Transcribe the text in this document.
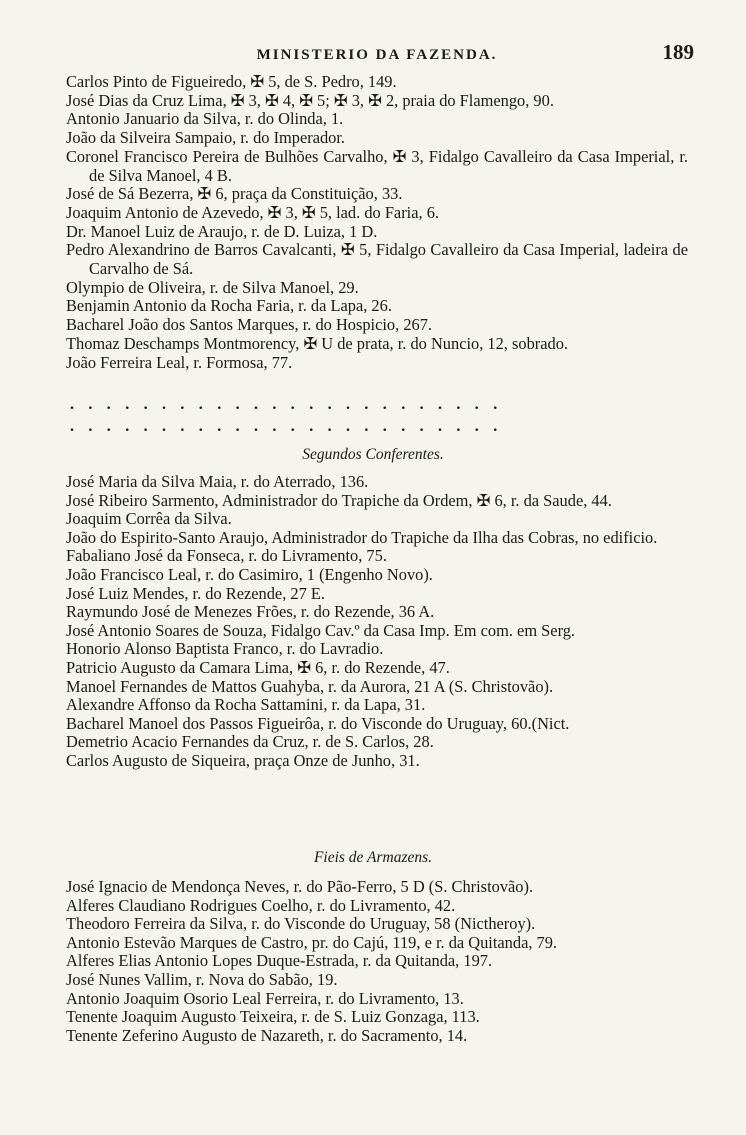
MINISTERIO DA FAZENDA.	189
Carlos Pinto de Figueiredo, ✠ 5, de S. Pedro, 149.
José Dias da Cruz Lima, ✠ 3, ✠ 4, ✠ 5; ✠ 3, ✠ 2, praia do Flamengo, 90.
Antonio Januario da Silva, r. do Olinda, 1.
João da Silveira Sampaio, r. do Imperador.
Coronel Francisco Pereira de Bulhões Carvalho, ✠ 3, Fidalgo Cavalleiro da Casa Imperial, r. de Silva Manoel, 4 B.
José de Sá Bezerra, ✠ 6, praça da Constituição, 33.
Joaquim Antonio de Azevedo, ✠ 3, ✠ 5, lad. do Faria, 6.
Dr. Manoel Luiz de Araujo, r. de D. Luiza, 1 D.
Pedro Alexandrino de Barros Cavalcanti, ✠ 5, Fidalgo Cavalleiro da Casa Imperial, ladeira de Carvalho de Sá.
Olympio de Oliveira, r. de Silva Manoel, 29.
Benjamin Antonio da Rocha Faria, r. da Lapa, 26.
Bacharel João dos Santos Marques, r. do Hospicio, 267.
Thomaz Deschamps Montmorency, ✠ U de prata, r. do Nuncio, 12, sobrado.
João Ferreira Leal, r. Formosa, 77.
........................
........................
Segundos Conferentes.
José Maria da Silva Maia, r. do Aterrado, 136.
José Ribeiro Sarmento, Administrador do Trapiche da Ordem, ✠ 6, r. da Saude, 44.
Joaquim Corrêa da Silva.
João do Espirito-Santo Araujo, Administrador do Trapiche da Ilha das Cobras, no edificio.
Fabaliano José da Fonseca, r. do Livramento, 75.
João Francisco Leal, r. do Casimiro, 1 (Engenho Novo).
José Luiz Mendes, r. do Rezende, 27 E.
Raymundo José de Menezes Frões, r. do Rezende, 36 A.
José Antonio Soares de Souza, Fidalgo Cav.º da Casa Imp. Em com. em Serg.
Honorio Alonso Baptista Franco, r. do Lavradio.
Patricio Augusto da Camara Lima, ✠ 6, r. do Rezende, 47.
Manoel Fernandes de Mattos Guahyba, r. da Aurora, 21 A (S. Christovão).
Alexandre Affonso da Rocha Sattamini, r. da Lapa, 31.
Bacharel Manoel dos Passos Figueirôa, r. do Visconde do Uruguay, 60.(Nict.
Demetrio Acacio Fernandes da Cruz, r. de S. Carlos, 28.
Carlos Augusto de Siqueira, praça Onze de Junho, 31.
Fieis de Armazens.
José Ignacio de Mendonça Neves, r. do Pão-Ferro, 5 D (S. Christovão).
Alferes Claudiano Rodrigues Coelho, r. do Livramento, 42.
Theodoro Ferreira da Silva, r. do Visconde do Uruguay, 58 (Nictheroy).
Antonio Estevão Marques de Castro, pr. do Cajú, 119, e r. da Quitanda, 79.
Alferes Elias Antonio Lopes Duque-Estrada, r. da Quitanda, 197.
José Nunes Vallim, r. Nova do Sabão, 19.
Antonio Joaquim Osorio Leal Ferreira, r. do Livramento, 13.
Tenente Joaquim Augusto Teixeira, r. de S. Luiz Gonzaga, 113.
Tenente Zeferino Augusto de Nazareth, r. do Sacramento, 14.
